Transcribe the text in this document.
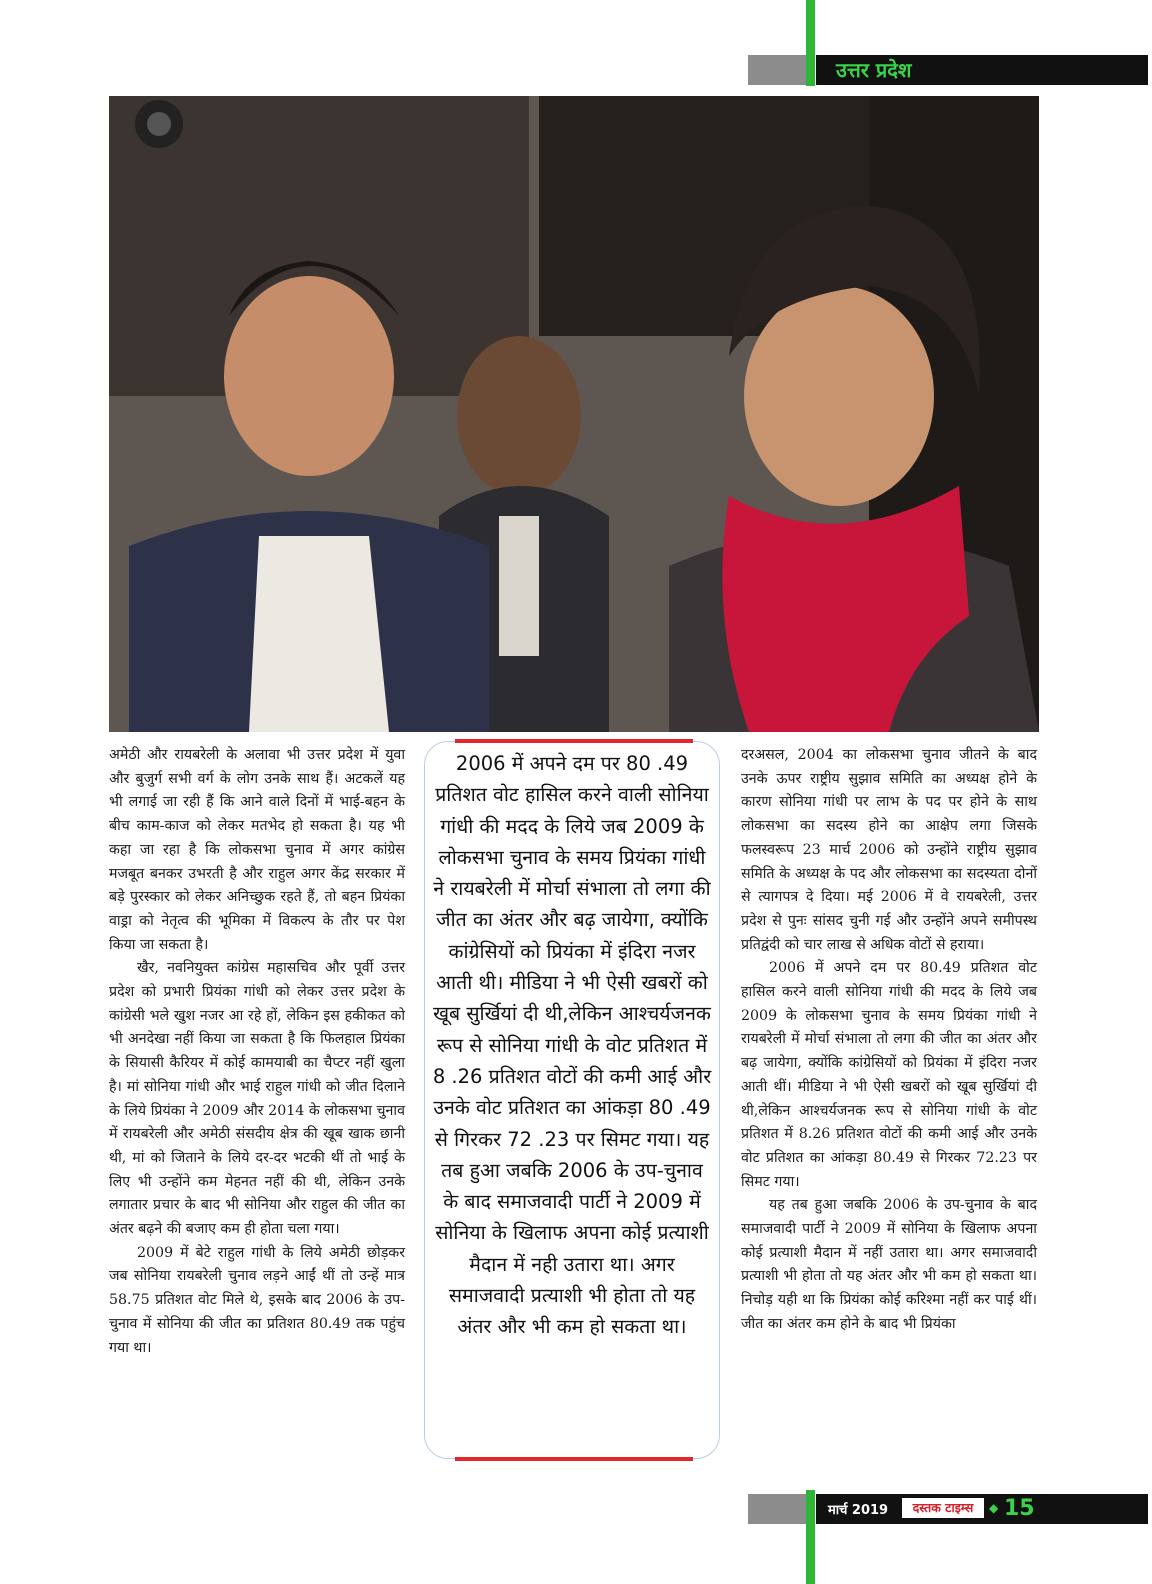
उत्तर प्रदेश

अमेठी और रायबरेली के अलावा भी उत्तर प्रदेश में युवा और बुजुर्ग सभी वर्ग के लोग उनके साथ हैं। अटकलें यह भी लगाई जा रही हैं कि आने वाले दिनों में भाई-बहन के बीच काम-काज को लेकर मतभेद हो सकता है। यह भी कहा जा रहा है कि लोकसभा चुनाव में अगर कांग्रेस मजबूत बनकर उभरती है और राहुल अगर केंद्र सरकार में बड़े पुरस्कार को लेकर अनिच्छुक रहते हैं, तो बहन प्रियंका वाड्रा को नेतृत्व की भूमिका में विकल्प के तौर पर पेश किया जा सकता है।

खैर, नवनियुक्त कांग्रेस महासचिव और पूर्वी उत्तर प्रदेश को प्रभारी प्रियंका गांधी को लेकर उत्तर प्रदेश के कांग्रेसी भले खुश नजर आ रहे हों, लेकिन इस हकीकत को भी अनदेखा नहीं किया जा सकता है कि फिलहाल प्रियंका के सियासी कैरियर में कोई कामयाबी का चैप्टर नहीं खुला है। मां सोनिया गांधी और भाई राहुल गांधी को जीत दिलाने के लिये प्रियंका ने 2009 और 2014 के लोकसभा चुनाव में रायबरेली और अमेठी संसदीय क्षेत्र की खूब खाक छानी थी, मां को जिताने के लिये दर-दर भटकी थीं तो भाई के लिए भी उन्होंने कम मेहनत नहीं की थी, लेकिन उनके लगातार प्रचार के बाद भी सोनिया और राहुल की जीत का अंतर बढ़ने की बजाए कम ही होता चला गया।

2009 में बेटे राहुल गांधी के लिये अमेठी छोड़कर जब सोनिया रायबरेली चुनाव लड़ने आईं थीं तो उन्हें मात्र 58.75 प्रतिशत वोट मिले थे, इसके बाद 2006 के उप-चुनाव में सोनिया की जीत का प्रतिशत 80.49 तक पहुंच गया था।

2006 में अपने दम पर 80 .49 प्रतिशत वोट हासिल करने वाली सोनिया गांधी की मदद के लिये जब 2009 के लोकसभा चुनाव के समय प्रियंका गांधी ने रायबरेली में मोर्चा संभाला तो लगा की जीत का अंतर और बढ़ जायेगा, क्योंकि कांग्रेसियों को प्रियंका में इंदिरा नजर आती थी। मीडिया ने भी ऐसी खबरों को खूब सुर्खियां दी थी,लेकिन आश्चर्यजनक रूप से सोनिया गांधी के वोट प्रतिशत में 8 .26 प्रतिशत वोटों की कमी आई और उनके वोट प्रतिशत का आंकड़ा 80 .49 से गिरकर 72 .23 पर सिमट गया। यह तब हुआ जबकि 2006 के उप-चुनाव के बाद समाजवादी पार्टी ने 2009 में सोनिया के खिलाफ अपना कोई प्रत्याशी मैदान में नही उतारा था। अगर समाजवादी प्रत्याशी भी होता तो यह अंतर और भी कम हो सकता था।

दरअसल, 2004 का लोकसभा चुनाव जीतने के बाद उनके ऊपर राष्ट्रीय सुझाव समिति का अध्यक्ष होने के कारण सोनिया गांधी पर लाभ के पद पर होने के साथ लोकसभा का सदस्य होने का आक्षेप लगा जिसके फलस्वरूप 23 मार्च 2006 को उन्होंने राष्ट्रीय सुझाव समिति के अध्यक्ष के पद और लोकसभा का सदस्यता दोनों से त्यागपत्र दे दिया। मई 2006 में वे रायबरेली, उत्तर प्रदेश से पुनः सांसद चुनी गई और उन्होंने अपने समीपस्थ प्रतिद्वंदी को चार लाख से अधिक वोटों से हराया।

2006 में अपने दम पर 80.49 प्रतिशत वोट हासिल करने वाली सोनिया गांधी की मदद के लिये जब 2009 के लोकसभा चुनाव के समय प्रियंका गांधी ने रायबरेली में मोर्चा संभाला तो लगा की जीत का अंतर और बढ़ जायेगा, क्योंकि कांग्रेसियों को प्रियंका में इंदिरा नजर आती थीं। मीडिया ने भी ऐसी खबरों को खूब सुर्खियां दी थी,लेकिन आश्चर्यजनक रूप से सोनिया गांधी के वोट प्रतिशत में 8.26 प्रतिशत वोटों की कमी आई और उनके वोट प्रतिशत का आंकड़ा 80.49 से गिरकर 72.23 पर सिमट गया।

यह तब हुआ जबकि 2006 के उप-चुनाव के बाद समाजवादी पार्टी ने 2009 में सोनिया के खिलाफ अपना कोई प्रत्याशी मैदान में नहीं उतारा था। अगर समाजवादी प्रत्याशी भी होता तो यह अंतर और भी कम हो सकता था। निचोड़ यही था कि प्रियंका कोई करिश्मा नहीं कर पाई थीं। जीत का अंतर कम होने के बाद भी प्रियंका

मार्च 2019	दस्तक टाइम्स	◆ 15
